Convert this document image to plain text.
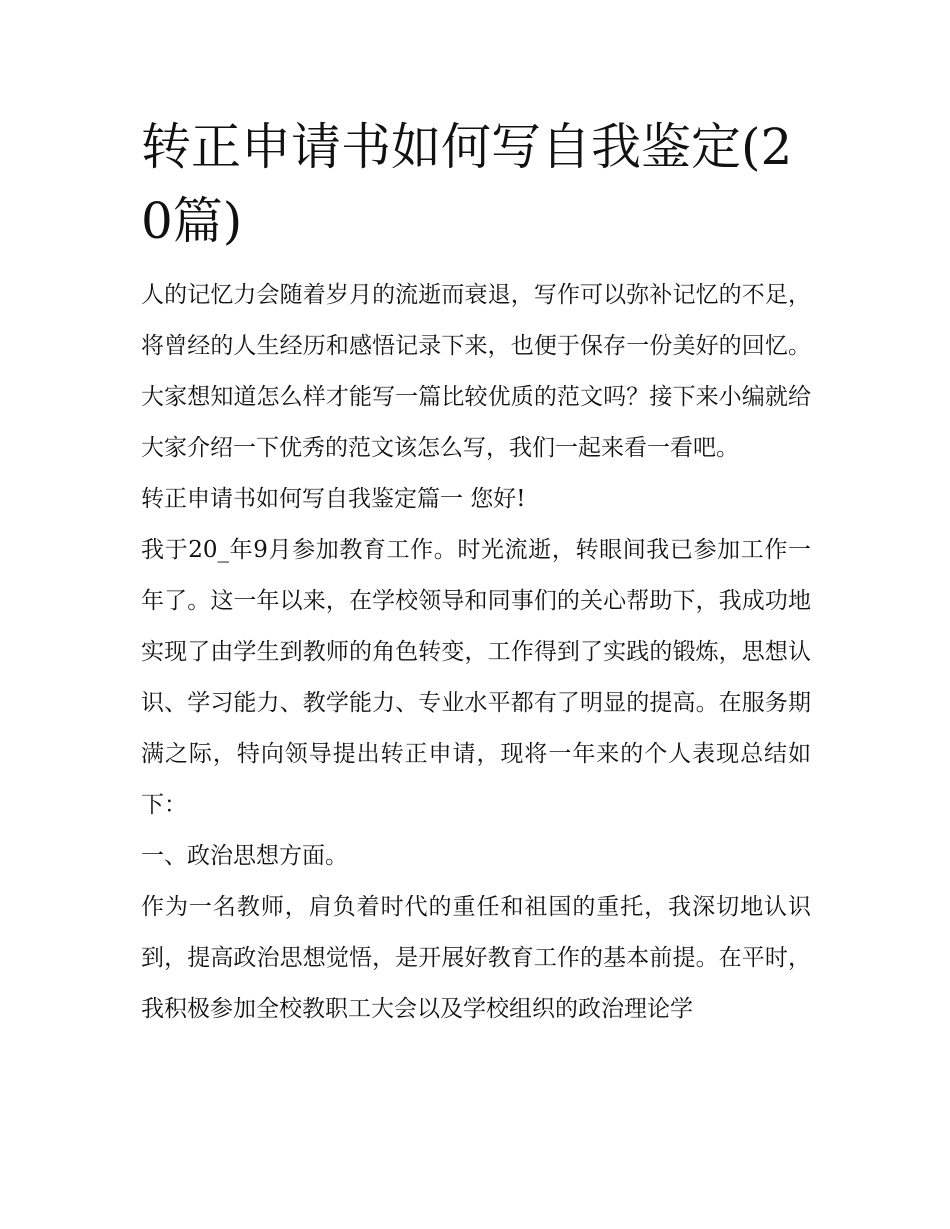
转正申请书如何写自我鉴定(20篇)

人的记忆力会随着岁月的流逝而衰退，写作可以弥补记忆的不足，将曾经的人生经历和感悟记录下来，也便于保存一份美好的回忆。大家想知道怎么样才能写一篇比较优质的范文吗？接下来小编就给大家介绍一下优秀的范文该怎么写，我们一起来看一看吧。

转正申请书如何写自我鉴定篇一 您好!

我于20_年9月参加教育工作。时光流逝，转眼间我已参加工作一年了。这一年以来，在学校领导和同事们的关心帮助下，我成功地实现了由学生到教师的角色转变，工作得到了实践的锻炼，思想认识、学习能力、教学能力、专业水平都有了明显的提高。在服务期满之际，特向领导提出转正申请，现将一年来的个人表现总结如下：

一、政治思想方面。

作为一名教师，肩负着时代的重任和祖国的重托，我深切地认识到，提高政治思想觉悟，是开展好教育工作的基本前提。在平时，我积极参加全校教职工大会以及学校组织的政治理论学
